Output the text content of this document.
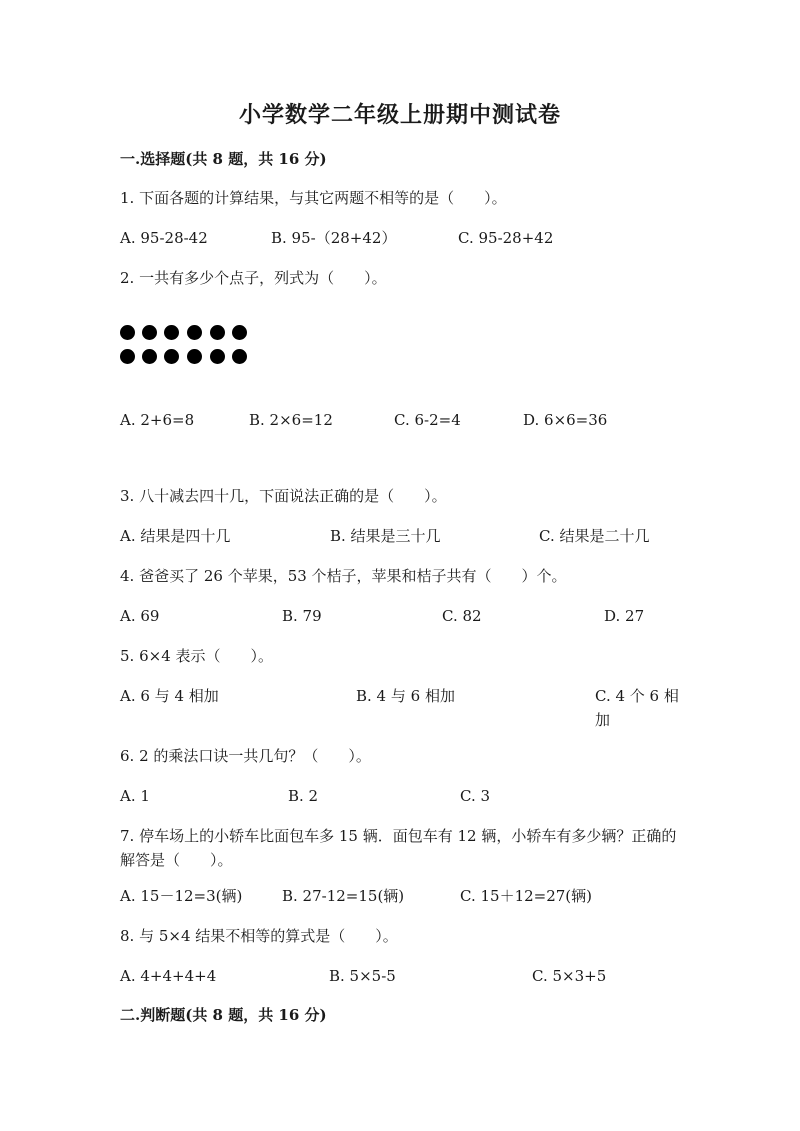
小学数学二年级上册期中测试卷
一.选择题(共 8 题，共 16 分)
1. 下面各题的计算结果，与其它两题不相等的是（　　）。
A. 95-28-42	B. 95-（28+42）	C. 95-28+42
2. 一共有多少个点子，列式为（　　）。
A. 2+6=8	B. 2×6=12	C. 6-2=4	D. 6×6=36
3. 八十减去四十几，下面说法正确的是（　　）。
A. 结果是四十几	B. 结果是三十几	C. 结果是二十几
4. 爸爸买了 26 个苹果，53 个桔子，苹果和桔子共有（　　）个。
A. 69	B. 79	C. 82	D. 27
5. 6×4 表示（　　）。
A. 6 与 4 相加	B. 4 与 6 相加	C. 4 个 6 相加
6. 2 的乘法口诀一共几句？（　　）。
A. 1	B. 2	C. 3
7. 停车场上的小轿车比面包车多 15 辆．面包车有 12 辆，小轿车有多少辆？正确的解答是（　　）。
A. 15－12=3(辆)	B. 27-12=15(辆)	C. 15＋12=27(辆)
8. 与 5×4 结果不相等的算式是（　　）。
A. 4+4+4+4	B. 5×5-5	C. 5×3+5
二.判断题(共 8 题，共 16 分)
